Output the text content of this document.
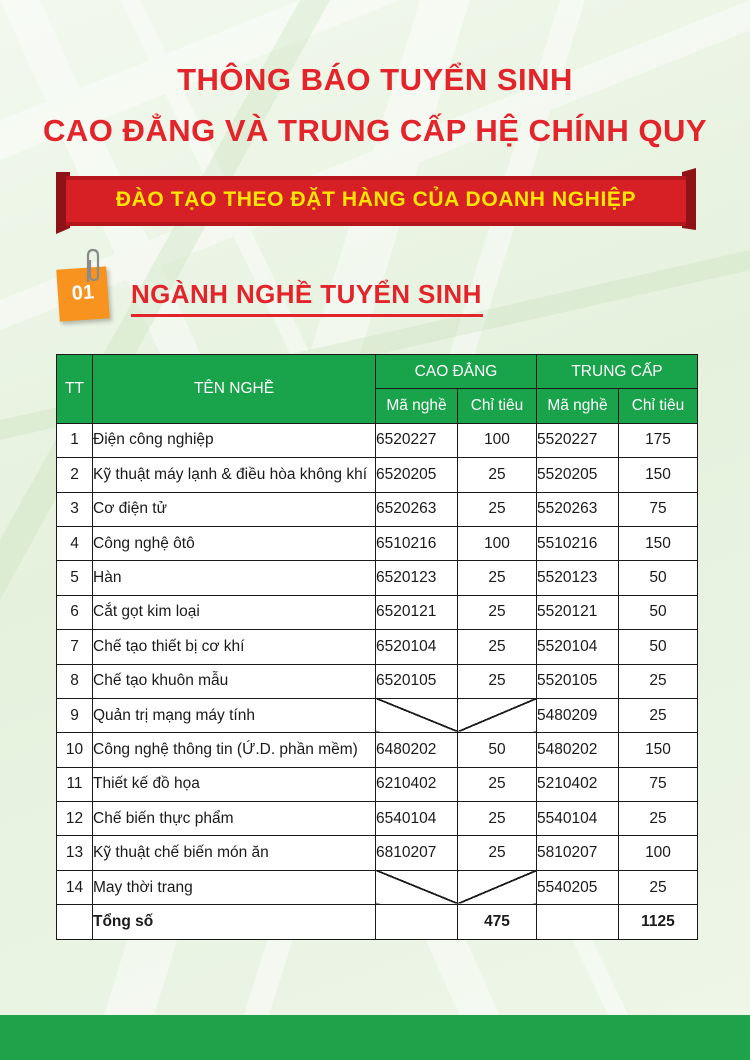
THÔNG BÁO TUYỂN SINH
CAO ĐẲNG VÀ TRUNG CẤP HỆ CHÍNH QUY
ĐÀO TẠO THEO ĐẶT HÀNG CỦA DOANH NGHIỆP
01	NGÀNH NGHỀ TUYỂN SINH
TT	TÊN NGHỀ	CAO ĐẲNG		TRUNG CẤP	
		Mã nghề	Chỉ tiêu	Mã nghề	Chỉ tiêu
1	Điện công nghiệp	6520227	100	5520227	175
2	Kỹ thuật máy lạnh & điều hòa không khí	6520205	25	5520205	150
3	Cơ điện tử	6520263	25	5520263	75
4	Công nghệ ôtô	6510216	100	5510216	150
5	Hàn	6520123	25	5520123	50
6	Cắt gọt kim loại	6520121	25	5520121	50
7	Chế tạo thiết bị cơ khí	6520104	25	5520104	50
8	Chế tạo khuôn mẫu	6520105	25	5520105	25
9	Quản trị mạng máy tính			5480209	25
10	Công nghệ thông tin (Ứ.D. phần mềm)	6480202	50	5480202	150
11	Thiết kế đồ họa	6210402	25	5210402	75
12	Chế biến thực phẩm	6540104	25	5540104	25
13	Kỹ thuật chế biến món ăn	6810207	25	5810207	100
14	May thời trang			5540205	25
	Tổng số		475		1125
